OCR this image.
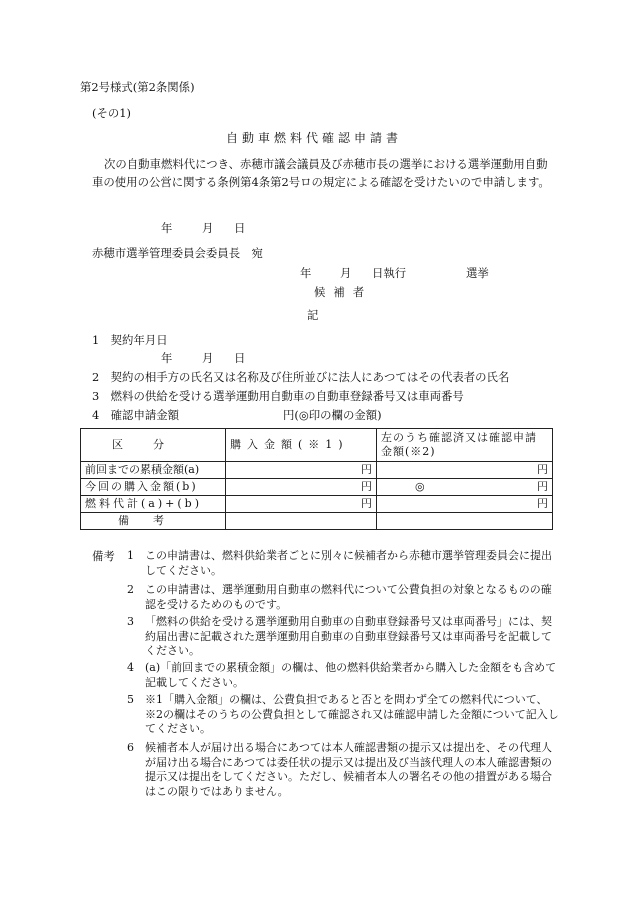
第2号様式(第2条関係)
(その1)
自動車燃料代確認申請書
次の自動車燃料代につき、赤穂市議会議員及び赤穂市長の選挙における選挙運動用自動車の使用の公営に関する条例第4条第2号ロの規定による確認を受けたいので申請します。
年	月 日
赤穂市選挙管理委員会委員長　宛
年	月 日執行	選挙
候補者
記
1　 契約年月日
年	月 日
2　 契約の相手方の氏名又は名称及び住所並びに法人にあつてはその代表者の氏名
3　 燃料の供給を受ける選挙運動用自動車の自動車登録番号又は車両番号
4　 確認申請金額	円(◎印の欄の金額)
区分	購入金額(※1)	左のうち確認済又は確認申請金額(※2)
前回までの累積金額(a)	円	円
今回の購入金額(b)	円	◎ 円
燃料代計(a)+(b)	円	円
備考		
備考 1 この申請書は、燃料供給業者ごとに別々に候補者から赤穂市選挙管理委員会に提出してください。
2 この申請書は、選挙運動用自動車の燃料代について公費負担の対象となるものの確認を受けるためのものです。
3 「燃料の供給を受ける選挙運動用自動車の自動車登録番号又は車両番号」には、契約届出書に記載された選挙運動用自動車の自動車登録番号又は車両番号を記載してください。
4 (a)「前回までの累積金額」の欄は、他の燃料供給業者から購入した金額をも含めて記載してください。
5 ※1「購入金額」の欄は、公費負担であると否とを問わず全ての燃料代について、※2の欄はそのうちの公費負担として確認され又は確認申請した金額について記入してください。
6 候補者本人が届け出る場合にあつては本人確認書類の提示又は提出を、その代理人が届け出る場合にあつては委任状の提示又は提出及び当該代理人の本人確認書類の提示又は提出をしてください。ただし、候補者本人の署名その他の措置がある場合はこの限りではありません。
